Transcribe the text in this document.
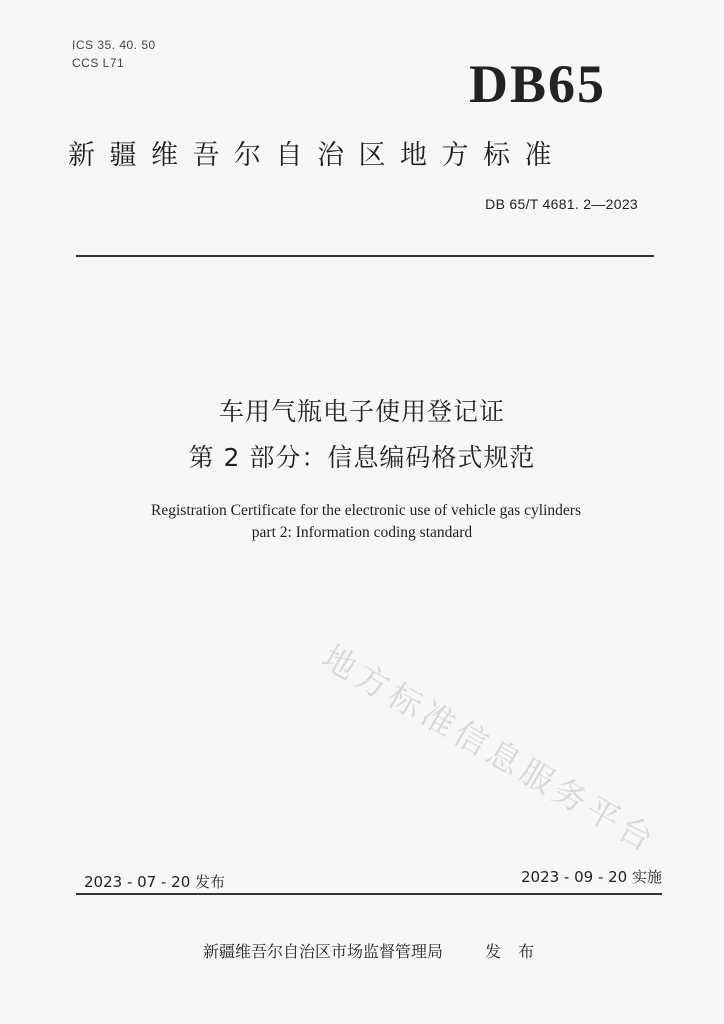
ICS 35. 40. 50
CCS L71	DB65
新疆维吾尔自治区地方标准
DB 65/T 4681. 2—2023
车用气瓶电子使用登记证
第 2 部分：信息编码格式规范
Registration Certificate for the electronic use of vehicle gas cylinders
part 2: Information coding standard
地方标准信息服务平台
2023 - 07 - 20 发布	2023 - 09 - 20 实施
新疆维吾尔自治区市场监督管理局	发 布
